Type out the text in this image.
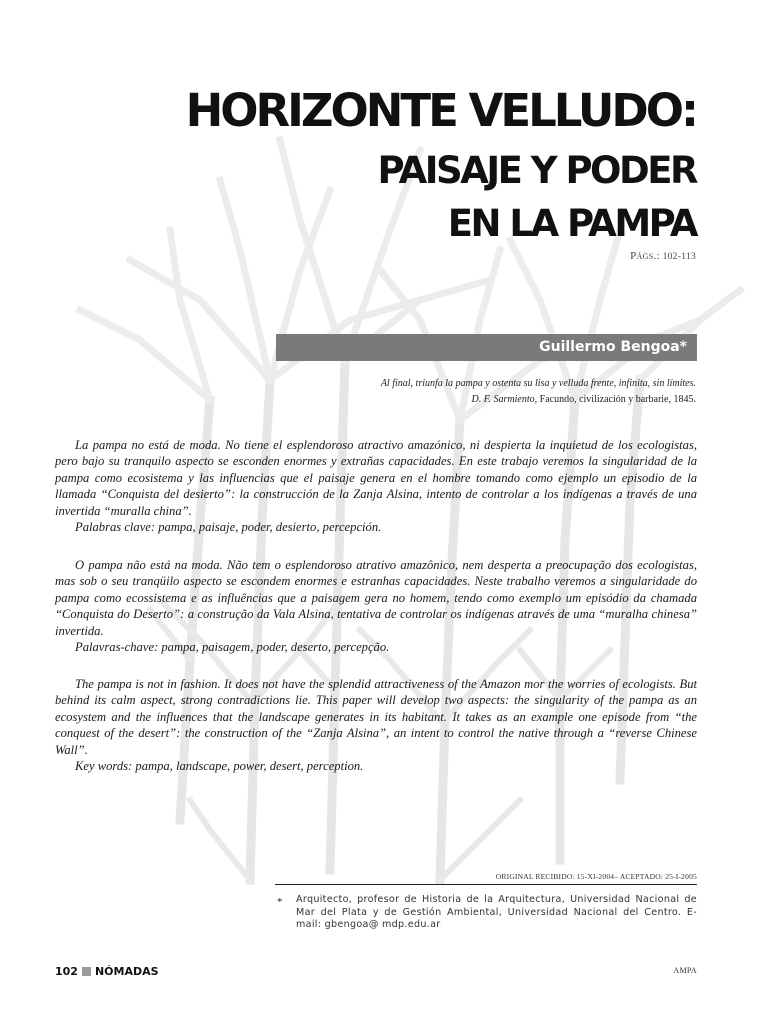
HORIZONTE VELLUDO:
PAISAJE Y PODER
EN LA PAMPA
Págs.: 102-113
Guillermo Bengoa*
Al final, triunfa la pampa y ostenta su lisa y velluda frente, infinita, sin límites.
D. F. Sarmiento, Facundo, civilización y barbarie, 1845.

La pampa no está de moda. No tiene el esplendoroso atractivo amazónico, ni despierta la inquietud de los ecologistas, pero bajo su tranquilo aspecto se esconden enormes y extrañas capacidades. En este trabajo veremos la singularidad de la pampa como ecosistema y las influencias que el paisaje genera en el hombre tomando como ejemplo un episodio de la llamada “Conquista del desierto”: la construcción de la Zanja Alsina, intento de controlar a los indígenas a través de una invertida “muralla china”.

Palabras clave: pampa, paisaje, poder, desierto, percepción.

O pampa não está na moda. Não tem o esplendoroso atrativo amazônico, nem desperta a preocupação dos ecologistas, mas sob o seu tranqüilo aspecto se escondem enormes e estranhas capacidades. Neste trabalho veremos a singularidade do pampa como ecossistema e as influências que a paisagem gera no homem, tendo como exemplo um episódio da chamada “Conquista do Deserto”: a construção da Vala Alsina, tentativa de controlar os indígenas através de uma “muralha chinesa” invertida.

Palavras-chave: pampa, paisagem, poder, deserto, percepção.

The pampa is not in fashion. It does not have the splendid attractiveness of the Amazon mor the worries of ecologists. But behind its calm aspect, strong contradictions lie. This paper will develop two aspects: the singularity of the pampa as an ecosystem and the influences that the landscape generates in its habitant. It takes as an example one episode from “the conquest of the desert”: the construction of the “Zanja Alsina”, an intent to control the native through a “reverse Chinese Wall”.

Key words: pampa, landscape, power, desert, perception.

ORIGINAL RECIBIDO: 15-XI-2004– ACEPTADO: 25-I-2005
* Arquitecto, profesor de Historia de la Arquitectura, Universidad Nacional de Mar del Plata y de Gestión Ambiental, Universidad Nacional del Centro. E-mail: gbengoa@ mdp.edu.ar
102 NÓMADAS	AMPA
